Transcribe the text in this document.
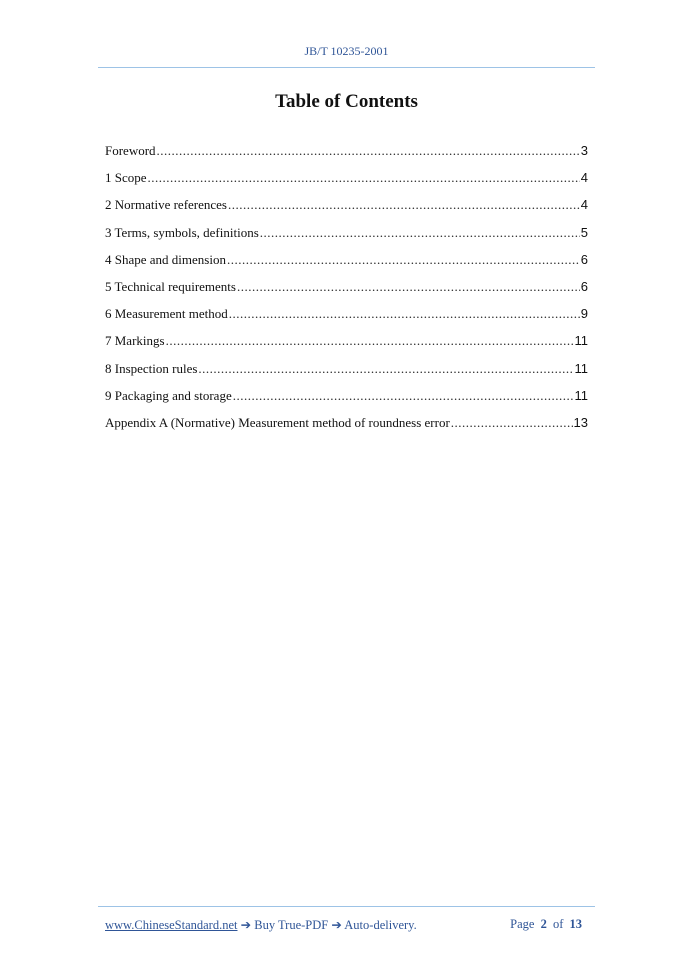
JB/T 10235-2001
Table of Contents
Foreword .....	3
1 Scope .....	4
2 Normative references .....	4
3 Terms, symbols, definitions .....	5
4 Shape and dimension .....	6
5 Technical requirements .....	6
6 Measurement method .....	9
7 Markings .....	11
8 Inspection rules .....	11
9 Packaging and storage .....	11
Appendix A (Normative) Measurement method of roundness error .....	13
www.ChineseStandard.net ➔ Buy True-PDF ➔ Auto-delivery.	Page 2 of 13
